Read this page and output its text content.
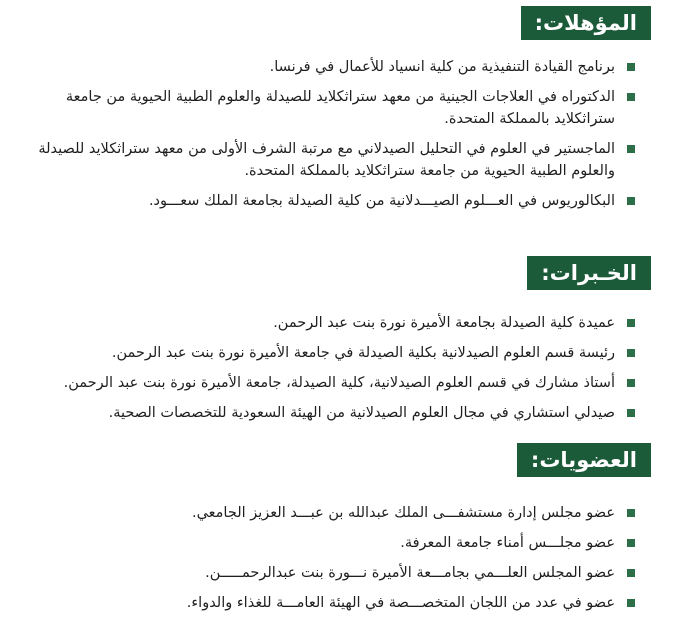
المؤهلات:
برنامج القيادة التنفيذية من كلية انسياد للأعمال في فرنسا.
الدكتوراه في العلاجات الجينية من معهد ستراثكلايد للصيدلة والعلوم الطبية الحيوية من جامعة ستراثكلايد بالمملكة المتحدة.
الماجستير في العلوم في التحليل الصيدلاني مع مرتبة الشرف الأولى من معهد ستراثكلايد للصيدلة والعلوم الطبية الحيوية من جامعة ستراثكلايد بالمملكة المتحدة.
البكالوريوس في العـــلوم الصيـــدلانية من كلية الصيدلة بجامعة الملك سعـــود.
الخـبرات:
عميدة كلية الصيدلة بجامعة الأميرة نورة بنت عبد الرحمن.
رئيسة قسم العلوم الصيدلانية بكلية الصيدلة في جامعة الأميرة نورة بنت عبد الرحمن.
أستاذ مشارك في قسم العلوم الصيدلانية، كلية الصيدلة، جامعة الأميرة نورة بنت عبد الرحمن.
صيدلي استشاري في مجال العلوم الصيدلانية من الهيئة السعودية للتخصصات الصحية.
العضويات:
عضو مجلس إدارة مستشفـــى الملك عبدالله بن عبـــد العزيز الجامعي.
عضو مجلـــس أمناء جامعة المعرفة.
عضو المجلس العلـــمي بجامـــعة الأميرة نـــورة بنت عبدالرحمـــــن.
عضو في عدد من اللجان المتخصـــصة في الهيئة العامـــة للغذاء والدواء.
